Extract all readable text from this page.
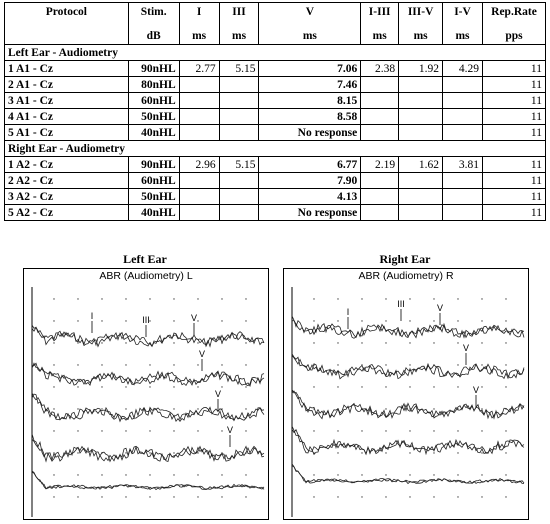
Protocol	Stim.	I	III	V	I-III	III-V	I-V	Rep.Rate
	dB	ms	ms	ms	ms	ms	ms	pps
Left Ear - Audiometry								
1 A1 - Cz	90nHL	2.77	5.15	7.06	2.38	1.92	4.29	11
2 A1 - Cz	80nHL			7.46				11
3 A1 - Cz	60nHL			8.15				11
4 A1 - Cz	50nHL			8.58				11
5 A1 - Cz	40nHL			No response				11
Right Ear - Audiometry								
1 A2 - Cz	90nHL	2.96	5.15	6.77	2.19	1.62	3.81	11
2 A2 - Cz	60nHL			7.90				11
3 A2 - Cz	50nHL			4.13				11
5 A2 - Cz	40nHL			No response				11
Left Ear	Right Ear
ABR (Audiometry) L
I	III	V
V
V
V
ABR (Audiometry) R
I
III	V
V
V
